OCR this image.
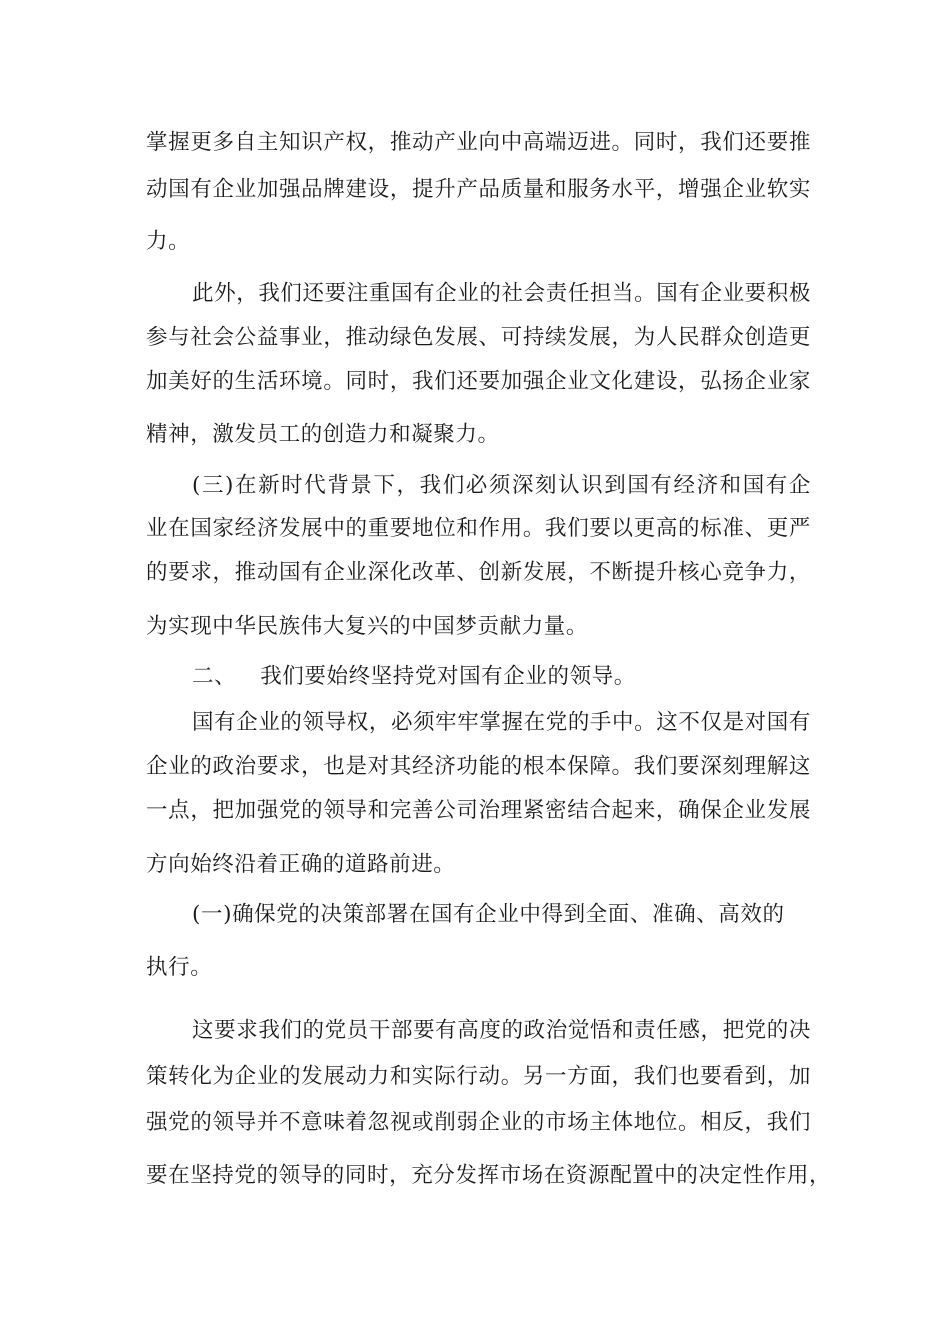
掌握更多自主知识产权，推动产业向中高端迈进。同时，我们还要推
动国有企业加强品牌建设，提升产品质量和服务水平，增强企业软实
力。
此外，我们还要注重国有企业的社会责任担当。国有企业要积极
参与社会公益事业，推动绿色发展、可持续发展，为人民群众创造更
加美好的生活环境。同时，我们还要加强企业文化建设，弘扬企业家
精神，激发员工的创造力和凝聚力。
(三)在新时代背景下，我们必须深刻认识到国有经济和国有企
业在国家经济发展中的重要地位和作用。我们要以更高的标准、更严
的要求，推动国有企业深化改革、创新发展，不断提升核心竞争力，
为实现中华民族伟大复兴的中国梦贡献力量。
二、 我们要始终坚持党对国有企业的领导。
国有企业的领导权，必须牢牢掌握在党的手中。这不仅是对国有
企业的政治要求，也是对其经济功能的根本保障。我们要深刻理解这
一点，把加强党的领导和完善公司治理紧密结合起来，确保企业发展
方向始终沿着正确的道路前进。
(一)确保党的决策部署在国有企业中得到全面、准确、高效的
执行。
这要求我们的党员干部要有高度的政治觉悟和责任感，把党的决
策转化为企业的发展动力和实际行动。另一方面，我们也要看到，加
强党的领导并不意味着忽视或削弱企业的市场主体地位。相反，我们
要在坚持党的领导的同时，充分发挥市场在资源配置中的决定性作用，
